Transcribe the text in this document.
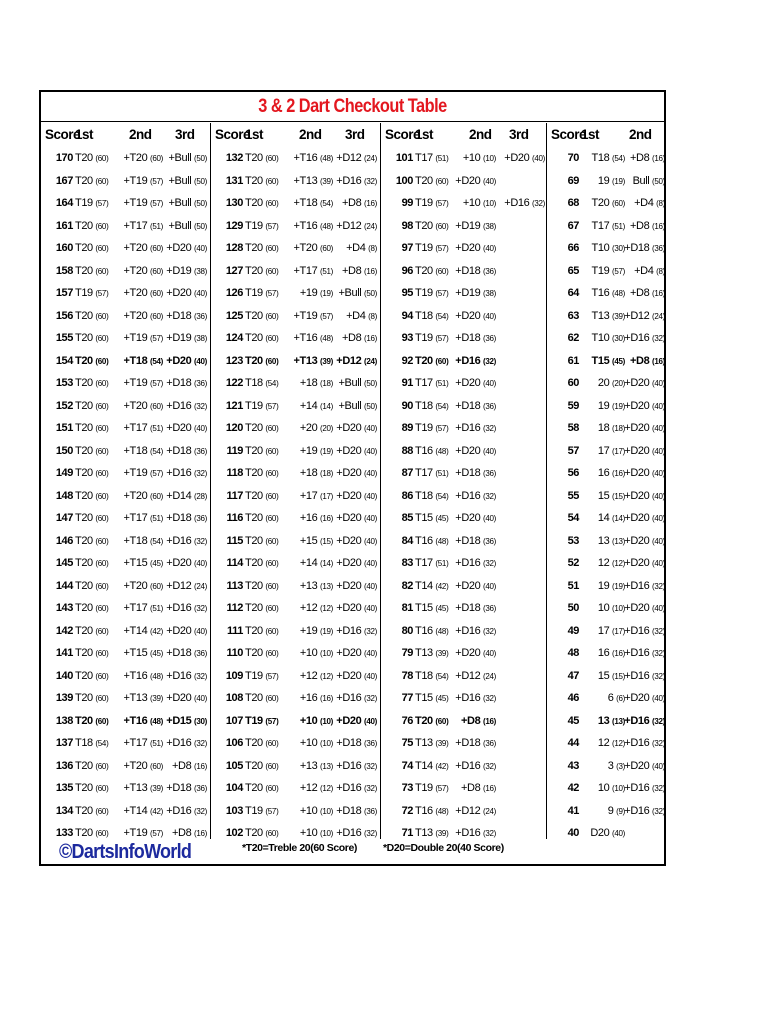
3 & 2 Dart Checkout Table
Score
1st	2nd 3rd
170 T20 (60)	+T20 (60) +Bull (50)
167 T20 (60)	+T19 (57) +Bull (50)
164 T19 (57)	+T19 (57) +Bull (50)
161 T20 (60)	+T17 (51) +Bull (50)
160 T20 (60)	+T20 (60) +D20 (40)
158 T20 (60)	+T20 (60) +D19 (38)
157 T19 (57)	+T20 (60) +D20 (40)
156 T20 (60)	+T20 (60) +D18 (36)
155 T20 (60)	+T19 (57) +D19 (38)
154 T20 (60)	+T18 (54) +D20 (40)
153 T20 (60)	+T19 (57) +D18 (36)
152 T20 (60)	+T20 (60) +D16 (32)
151 T20 (60)	+T17 (51) +D20 (40)
150 T20 (60)	+T18 (54) +D18 (36)
149 T20 (60)	+T19 (57) +D16 (32)
148 T20 (60)	+T20 (60) +D14 (28)
147 T20 (60)	+T17 (51) +D18 (36)
146 T20 (60)	+T18 (54) +D16 (32)
145 T20 (60)	+T15 (45) +D20 (40)
144 T20 (60)	+T20 (60) +D12 (24)
143 T20 (60)	+T17 (51) +D16 (32)
142 T20 (60)	+T14 (42) +D20 (40)
141 T20 (60)	+T15 (45) +D18 (36)
140 T20 (60)	+T16 (48) +D16 (32)
139 T20 (60)	+T13 (39) +D20 (40)
138 T20 (60)	+T16 (48) +D15 (30)
137 T18 (54)	+T17 (51) +D16 (32)
136 T20 (60)	+T20 (60) +D8 (16)
135 T20 (60)	+T13 (39) +D18 (36)
134 T20 (60)	+T14 (42) +D16 (32)
133 T20 (60)	+T19 (57) +D8 (16)
Score
1st	2nd 3rd
132 T20 (60)	+T16 (48) +D12 (24)
131 T20 (60)	+T13 (39) +D16 (32)
130 T20 (60)	+T18 (54) +D8 (16)
129 T19 (57)	+T16 (48) +D12 (24)
128 T20 (60)	+T20 (60)	+D4 (8)
127 T20 (60)	+T17 (51) +D8 (16)
126 T19 (57)	+19 (19) +Bull (50)
125 T20 (60)	+T19 (57)	+D4 (8)
124 T20 (60)	+T16 (48) +D8 (16)
123 T20 (60)	+T13 (39) +D12 (24)
122 T18 (54)	+18 (18) +Bull (50)
121 T19 (57)	+14 (14) +Bull (50)
120 T20 (60)	+20 (20) +D20 (40)
119 T20 (60)	+19 (19) +D20 (40)
118 T20 (60)	+18 (18) +D20 (40)
117 T20 (60)	+17 (17) +D20 (40)
116 T20 (60)	+16 (16) +D20 (40)
115 T20 (60)	+15 (15) +D20 (40)
114 T20 (60)	+14 (14) +D20 (40)
113 T20 (60)	+13 (13) +D20 (40)
112 T20 (60)	+12 (12) +D20 (40)
111 T20 (60)	+19 (19) +D16 (32)
110 T20 (60)	+10 (10) +D20 (40)
109 T19 (57)	+12 (12) +D20 (40)
108 T20 (60)	+16 (16) +D16 (32)
107 T19 (57)	+10 (10) +D20 (40)
106 T20 (60)	+10 (10) +D18 (36)
105 T20 (60)	+13 (13) +D16 (32)
104 T20 (60)	+12 (12) +D16 (32)
103 T19 (57)	+10 (10) +D18 (36)
102 T20 (60)	+10 (10) +D16 (32)
Score
1st	2nd 3rd
101 T17 (51)	+10 (10) +D20 (40)
100 T20 (60) +D20 (40)
99 T19 (57)	+10 (10) +D16 (32)
98 T20 (60) +D19 (38)
97 T19 (57) +D20 (40)
96 T20 (60) +D18 (36)
95 T19 (57) +D19 (38)
94 T18 (54) +D20 (40)
93 T19 (57) +D18 (36)
92 T20 (60) +D16 (32)
91 T17 (51) +D20 (40)
90 T18 (54) +D18 (36)
89 T19 (57) +D16 (32)
88 T16 (48) +D20 (40)
87 T17 (51) +D18 (36)
86 T18 (54) +D16 (32)
85 T15 (45) +D20 (40)
84 T16 (48) +D18 (36)
83 T17 (51) +D16 (32)
82 T14 (42) +D20 (40)
81 T15 (45) +D18 (36)
80 T16 (48) +D16 (32)
79 T13 (39) +D20 (40)
78 T18 (54) +D12 (24)
77 T15 (45) +D16 (32)
76 T20 (60)	+D8 (16)
75 T13 (39) +D18 (36)
74 T14 (42) +D16 (32)
73 T19 (57)	+D8 (16)
72 T16 (48) +D12 (24)
71 T13 (39) +D16 (32)
Score
1st 2nd
70	T18 (54) +D8 (16)
69	19 (19) Bull (50)
68	T20 (60) +D4 (8)
67	T17 (51) +D8 (16)
66	T10 (30) +D18 (36)
65	T19 (57) +D4 (8)
64	T16 (48) +D8 (16)
63	T13 (39) +D12 (24)
62	T10 (30) +D16 (32)
61	T15 (45) +D8 (16)
60	20 (20) +D20 (40)
59	19 (19) +D20 (40)
58	18 (18) +D20 (40)
57	17 (17) +D20 (40)
56	16 (16) +D20 (40)
55	15 (15) +D20 (40)
54	14 (14) +D20 (40)
53	13 (13) +D20 (40)
52	12 (12) +D20 (40)
51	19 (19) +D16 (32)
50	10 (10) +D20 (40)
49	17 (17) +D16 (32)
48	16 (16) +D16 (32)
47	15 (15) +D16 (32)
46	6 (6) +D20 (40)
45	13 (13) +D16 (32)
44	12 (12) +D16 (32)
43	3 (3) +D20 (40)
42	10 (10) +D16 (32)
41	9 (9) +D16 (32)
40	D20 (40)
©DartsInfoWorld	*T20=Treble 20(60 Score) *D20=Double 20(40 Score)
